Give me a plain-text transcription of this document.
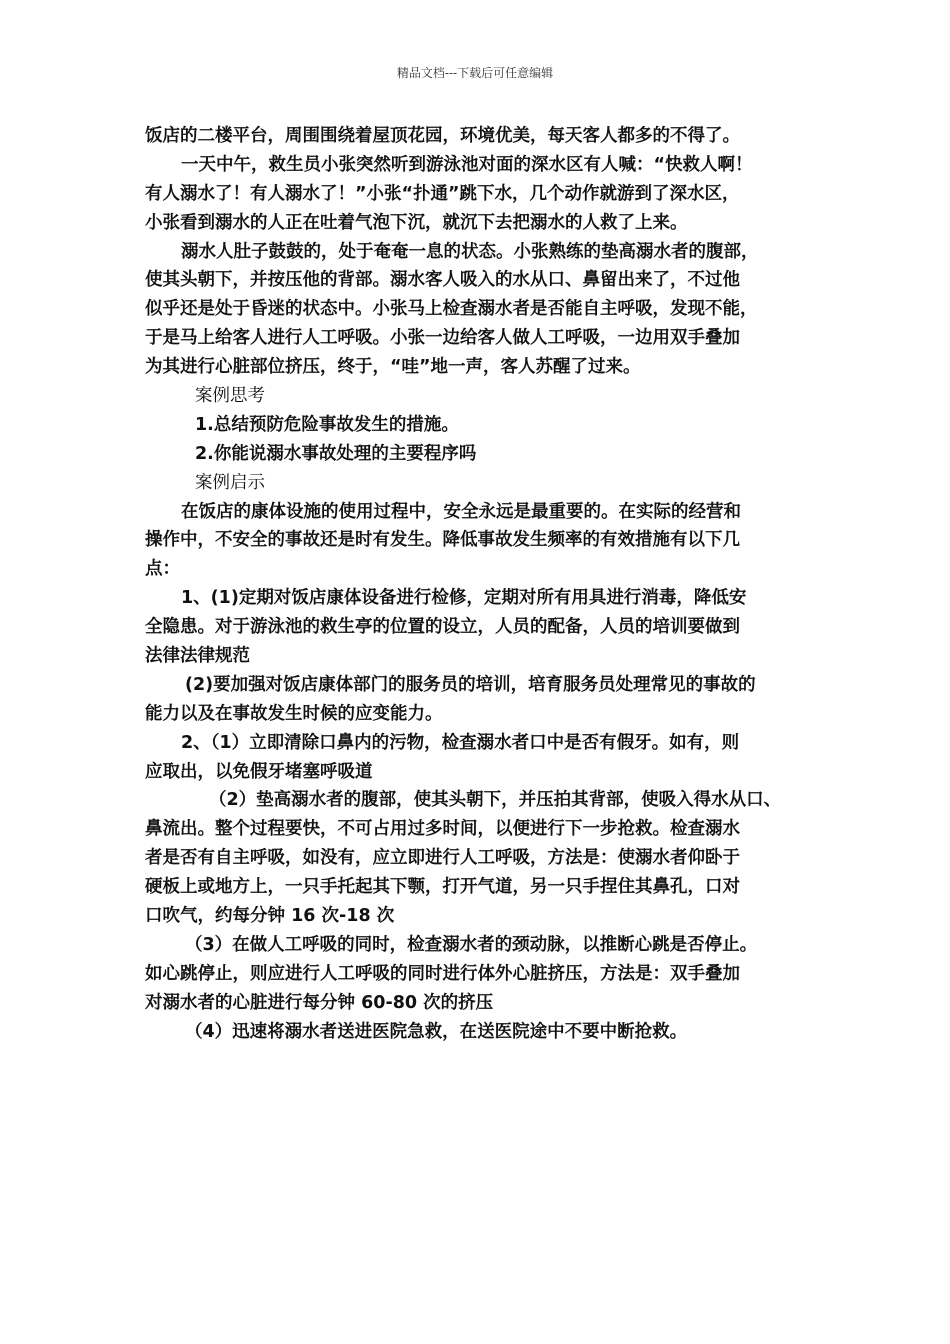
精品文档---下载后可任意编辑
饭店的二楼平台，周围围绕着屋顶花园，环境优美，每天客人都多的不得了。
一天中午，救生员小张突然听到游泳池对面的深水区有人喊：“快救人啊！
有人溺水了！有人溺水了！”小张“扑通”跳下水，几个动作就游到了深水区，
小张看到溺水的人正在吐着气泡下沉，就沉下去把溺水的人救了上来。
溺水人肚子鼓鼓的，处于奄奄一息的状态。小张熟练的垫高溺水者的腹部，
使其头朝下，并按压他的背部。溺水客人吸入的水从口、鼻留出来了，不过他
似乎还是处于昏迷的状态中。小张马上检查溺水者是否能自主呼吸，发现不能，
于是马上给客人进行人工呼吸。小张一边给客人做人工呼吸，一边用双手叠加
为其进行心脏部位挤压，终于，“哇”地一声，客人苏醒了过来。
案例思考
1.总结预防危险事故发生的措施。
2.你能说溺水事故处理的主要程序吗
案例启示
在饭店的康体设施的使用过程中，安全永远是最重要的。在实际的经营和
操作中，不安全的事故还是时有发生。降低事故发生频率的有效措施有以下几
点：
1、(1)定期对饭店康体设备进行检修，定期对所有用具进行消毒，降低安
全隐患。对于游泳池的救生亭的位置的设立，人员的配备，人员的培训要做到
法律法律规范
(2)要加强对饭店康体部门的服务员的培训，培育服务员处理常见的事故的
能力以及在事故发生时候的应变能力。
2、（1）立即清除口鼻内的污物，检查溺水者口中是否有假牙。如有，则
应取出，以免假牙堵塞呼吸道
（2）垫高溺水者的腹部，使其头朝下，并压拍其背部，使吸入得水从口、
鼻流出。整个过程要快，不可占用过多时间，以便进行下一步抢救。检查溺水
者是否有自主呼吸，如没有，应立即进行人工呼吸，方法是：使溺水者仰卧于
硬板上或地方上，一只手托起其下颚，打开气道，另一只手捏住其鼻孔，口对
口吹气，约每分钟 16 次-18 次
（3）在做人工呼吸的同时，检查溺水者的颈动脉，以推断心跳是否停止。
如心跳停止，则应进行人工呼吸的同时进行体外心脏挤压，方法是：双手叠加
对溺水者的心脏进行每分钟 60-80 次的挤压
（4）迅速将溺水者送进医院急救，在送医院途中不要中断抢救。
